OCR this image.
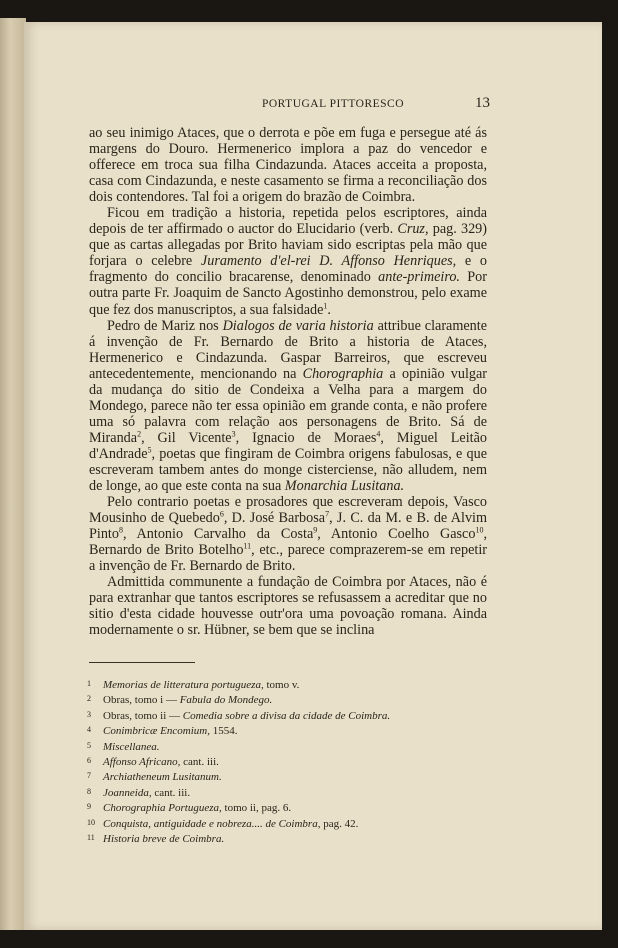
PORTUGAL PITTORESCO	13

ao seu inimigo Ataces, que o derrota e põe em fuga e persegue até ás margens do Douro. Hermenerico implora a paz do vencedor e offerece em troca sua filha Cindazunda. Ataces acceita a proposta, casa com Cindazunda, e neste casamento se firma a reconciliação dos dois contendores. Tal foi a origem do brazão de Coimbra.

Ficou em tradição a historia, repetida pelos escriptores, ainda depois de ter affirmado o auctor do Elucidario (verb. Cruz, pag. 329) que as cartas allegadas por Brito haviam sido escriptas pela mão que forjara o celebre Juramento d'el-rei D. Affonso Henriques, e o fragmento do concilio bracarense, denominado ante-primeiro. Por outra parte Fr. Joaquim de Sancto Agostinho demonstrou, pelo exame que fez dos manuscriptos, a sua falsidade$^1$.

Pedro de Mariz nos Dialogos de varia historia attribue claramente á invenção de Fr. Bernardo de Brito a historia de Ataces, Hermenerico e Cindazunda. Gaspar Barreiros, que escreveu antecedentemente, mencionando na Chorographia a opinião vulgar da mudança do sitio de Condeixa a Velha para a margem do Mondego, parece não ter essa opinião em grande conta, e não profere uma só palavra com relação aos personagens de Brito. Sá de Miranda$^2$, Gil Vicente$^3$, Ignacio de Moraes$^4$, Miguel Leitão d'Andrade$^5$, poetas que fingiram de Coimbra origens fabulosas, e que escreveram tambem antes do monge cisterciense, não alludem, nem de longe, ao que este conta na sua Monarchia Lusitana.

Pelo contrario poetas e prosadores que escreveram depois, Vasco Mousinho de Quebedo$^6$, D. José Barbosa$^7$, J. C. da M. e B. de Alvim Pinto$^8$, Antonio Carvalho da Costa$^9$, Antonio Coelho Gasco$^{10}$, Bernardo de Brito Botelho$^{11}$, etc., parece comprazerem-se em repetir a invenção de Fr. Bernardo de Brito.

Admittida communente a fundação de Coimbra por Ataces, não é para extranhar que tantos escriptores se refusassem a acreditar que no sitio d'esta cidade houvesse outr'ora uma povoação romana. Ainda modernamente o sr. Hübner, se bem que se inclina

1 Memorias de litteratura portugueza, tomo v.
2 Obras, tomo i — Fabula do Mondego.
3 Obras, tomo ii — Comedia sobre a divisa da cidade de Coimbra.
4 Conimbricæ Encomium, 1554.
5 Miscellanea.
6 Affonso Africano, cant. iii.
7 Archiatheneum Lusitanum.
8 Joanneida, cant. iii.
9 Chorographia Portugueza, tomo ii, pag. 6.
10 Conquista, antiguidade e nobreza.... de Coimbra, pag. 42.
11 Historia breve de Coimbra.
